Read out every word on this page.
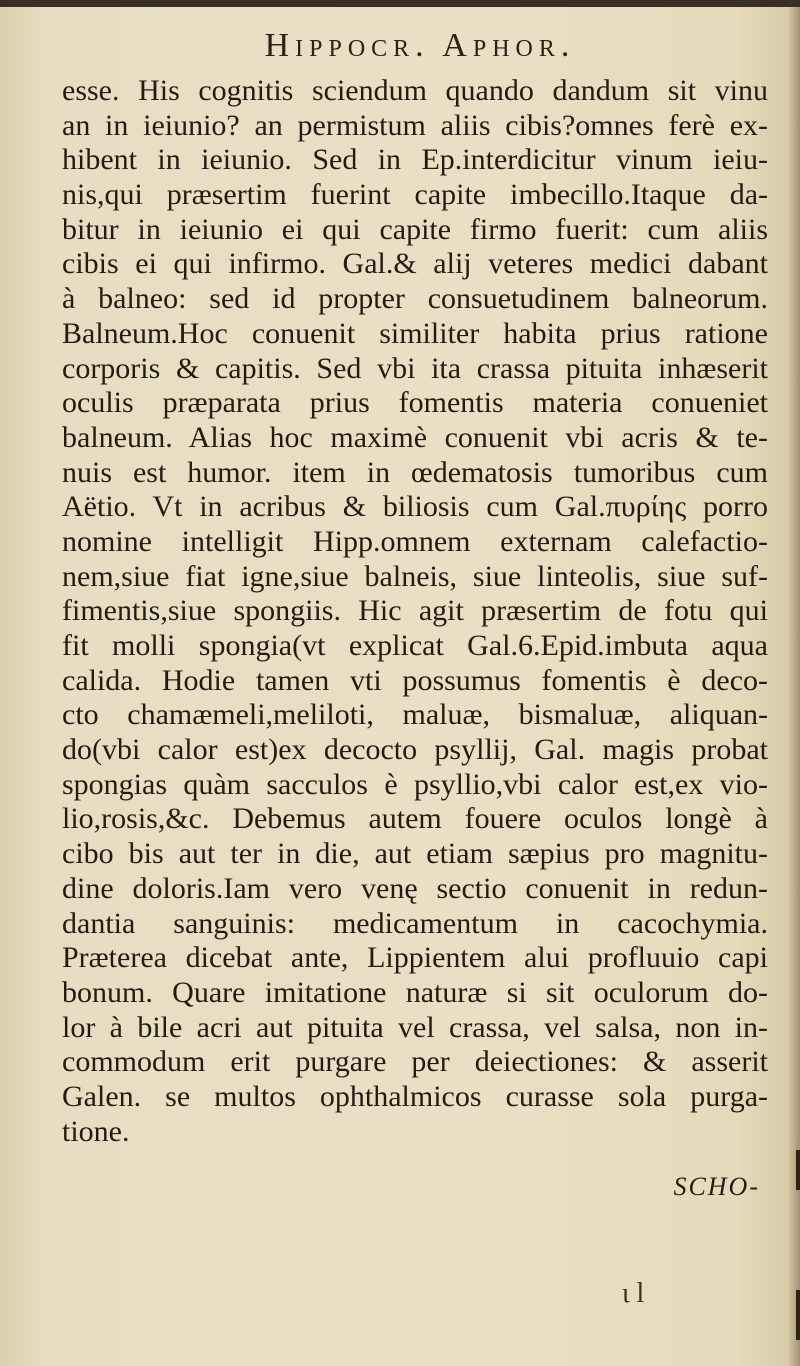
Hippocr. Aphor.
esse. His cognitis sciendum quando dandum sit vinu
an in ieiunio? an permistum aliis cibis?omnes ferè ex-
hibent in ieiunio. Sed in Ep.interdicitur vinum ieiu-
nis,qui præsertim fuerint capite imbecillo.Itaque da-
bitur in ieiunio ei qui capite firmo fuerit: cum aliis
cibis ei qui infirmo. Gal.& alij veteres medici dabant
à balneo: sed id propter consuetudinem balneorum.
Balneum.Hoc conuenit similiter habita prius ratione
corporis & capitis. Sed vbi ita crassa pituita inhæserit
oculis præparata prius fomentis materia conueniet
balneum. Alias hoc maximè conuenit vbi acris & te-
nuis est humor. item in œdematosis tumoribus cum
Aëtio. Vt in acribus & biliosis cum Gal.πυρίης porro
nomine intelligit Hipp.omnem externam calefactio-
nem,siue fiat igne,siue balneis, siue linteolis, siue suf-
fimentis,siue spongiis. Hic agit præsertim de fotu qui
fit molli spongia(vt explicat Gal.6.Epid.imbuta aqua
calida. Hodie tamen vti possumus fomentis è deco-
cto chamæmeli,meliloti, maluæ, bismaluæ, aliquan-
do(vbi calor est)ex decocto psyllij, Gal. magis probat
spongias quàm sacculos è psyllio,vbi calor est,ex vio-
lio,rosis,&c. Debemus autem fouere oculos longè à
cibo bis aut ter in die, aut etiam sæpius pro magnitu-
dine doloris.Iam vero venę sectio conuenit in redun-
dantia sanguinis: medicamentum in cacochymia.
Præterea dicebat ante, Lippientem alui profluuio capi
bonum. Quare imitatione naturæ si sit oculorum do-
lor à bile acri aut pituita vel crassa, vel salsa, non in-
commodum erit purgare per deiectiones: & asserit
Galen. se multos ophthalmicos curasse sola purga-
tione.
SCHO-
ι l
